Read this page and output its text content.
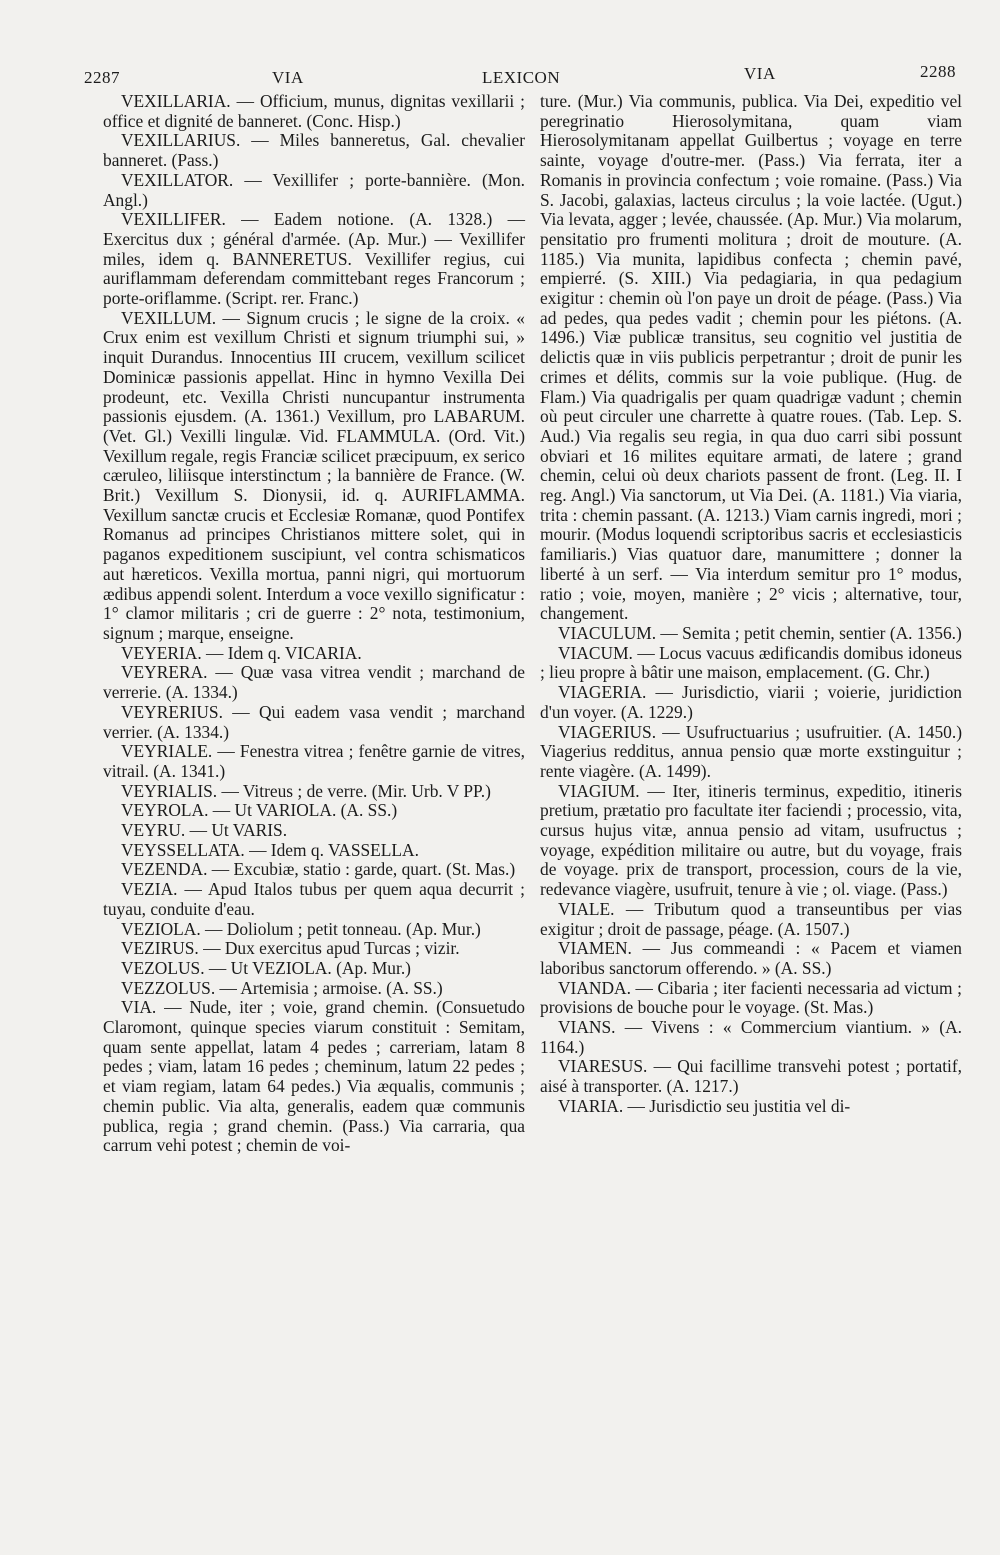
2287	VIA	LEXICON	VIA	2288

VEXILLARIA. — Officium, munus, dignitas vexillarii ; office et dignité de banneret. (Conc. Hisp.)

VEXILLARIUS. — Miles banneretus, Gal. chevalier banneret. (Pass.)

VEXILLATOR. — Vexillifer ; porte-bannière. (Mon. Angl.)

VEXILLIFER. — Eadem notione. (A. 1328.) — Exercitus dux ; général d'armée. (Ap. Mur.) — Vexillifer miles, idem q. BANNERETUS. Vexillifer regius, cui auriflammam deferendam committebant reges Francorum ; porte-oriflamme. (Script. rer. Franc.)

VEXILLUM. — Signum crucis ; le signe de la croix. « Crux enim est vexillum Christi et signum triumphi sui, » inquit Durandus. Innocentius III crucem, vexillum scilicet Dominicæ passionis appellat. Hinc in hymno Vexilla Dei prodeunt, etc. Vexilla Christi nuncupantur instrumenta passionis ejusdem. (A. 1361.) Vexillum, pro LABARUM. (Vet. Gl.) Vexilli lingulæ. Vid. FLAMMULA. (Ord. Vit.) Vexillum regale, regis Franciæ scilicet præcipuum, ex serico cæruleo, liliisque interstinctum ; la bannière de France. (W. Brit.) Vexillum S. Dionysii, id. q. AURIFLAMMA. Vexillum sanctæ crucis et Ecclesiæ Romanæ, quod Pontifex Romanus ad principes Christianos mittere solet, qui in paganos expeditionem suscipiunt, vel contra schismaticos aut hæreticos. Vexilla mortua, panni nigri, qui mortuorum ædibus appendi solent. Interdum a voce vexillo significatur : 1° clamor militaris ; cri de guerre : 2° nota, testimonium, signum ; marque, enseigne.

VEYERIA. — Idem q. VICARIA.

VEYRERA. — Quæ vasa vitrea vendit ; marchand de verrerie. (A. 1334.)

VEYRERIUS. — Qui eadem vasa vendit ; marchand verrier. (A. 1334.)

VEYRIALE. — Fenestra vitrea ; fenêtre garnie de vitres, vitrail. (A. 1341.)

VEYRIALIS. — Vitreus ; de verre. (Mir. Urb. V PP.)

VEYROLA. — Ut VARIOLA. (A. SS.)

VEYRU. — Ut VARIS.

VEYSSELLATA. — Idem q. VASSELLA.

VEZENDA. — Excubiæ, statio : garde, quart. (St. Mas.)

VEZIA. — Apud Italos tubus per quem aqua decurrit ; tuyau, conduite d'eau.

VEZIOLA. — Doliolum ; petit tonneau. (Ap. Mur.)

VEZIRUS. — Dux exercitus apud Turcas ; vizir.

VEZOLUS. — Ut VEZIOLA. (Ap. Mur.)

VEZZOLUS. — Artemisia ; armoise. (A. SS.)

VIA. — Nude, iter ; voie, grand chemin. (Consuetudo Claromont, quinque species viarum constituit : Semitam, quam sente appellat, latam 4 pedes ; carreriam, latam 8 pedes ; viam, latam 16 pedes ; cheminum, latum 22 pedes ; et viam regiam, latam 64 pedes.) Via æqualis, communis ; chemin public. Via alta, generalis, eadem quæ communis publica, regia ; grand chemin. (Pass.) Via carraria, qua carrum vehi potest ; chemin de voi-

ture. (Mur.) Via communis, publica. Via Dei, expeditio vel peregrinatio Hierosolymitana, quam viam Hierosolymitanam appellat Guilbertus ; voyage en terre sainte, voyage d'outre-mer. (Pass.) Via ferrata, iter a Romanis in provincia confectum ; voie romaine. (Pass.) Via S. Jacobi, galaxias, lacteus circulus ; la voie lactée. (Ugut.) Via levata, agger ; levée, chaussée. (Ap. Mur.) Via molarum, pensitatio pro frumenti molitura ; droit de mouture. (A. 1185.) Via munita, lapidibus confecta ; chemin pavé, empierré. (S. XIII.) Via pedagiaria, in qua pedagium exigitur : chemin où l'on paye un droit de péage. (Pass.) Via ad pedes, qua pedes vadit ; chemin pour les piétons. (A. 1496.) Viæ publicæ transitus, seu cognitio vel justitia de delictis quæ in viis publicis perpetrantur ; droit de punir les crimes et délits, commis sur la voie publique. (Hug. de Flam.) Via quadrigalis per quam quadrigæ vadunt ; chemin où peut circuler une charrette à quatre roues. (Tab. Lep. S. Aud.) Via regalis seu regia, in qua duo carri sibi possunt obviari et 16 milites equitare armati, de latere ; grand chemin, celui où deux chariots passent de front. (Leg. II. I reg. Angl.) Via sanctorum, ut Via Dei. (A. 1181.) Via viaria, trita : chemin passant. (A. 1213.) Viam carnis ingredi, mori ; mourir. (Modus loquendi scriptoribus sacris et ecclesiasticis familiaris.) Vias quatuor dare, manumittere ; donner la liberté à un serf. — Via interdum semitur pro 1° modus, ratio ; voie, moyen, manière ; 2° vicis ; alternative, tour, changement.

VIACULUM. — Semita ; petit chemin, sentier (A. 1356.)

VIACUM. — Locus vacuus ædificandis domibus idoneus ; lieu propre à bâtir une maison, emplacement. (G. Chr.)

VIAGERIA. — Jurisdictio, viarii ; voierie, juridiction d'un voyer. (A. 1229.)

VIAGERIUS. — Usufructuarius ; usufruitier. (A. 1450.) Viagerius redditus, annua pensio quæ morte exstinguitur ; rente viagère. (A. 1499).

VIAGIUM. — Iter, itineris terminus, expeditio, itineris pretium, prætatio pro facultate iter faciendi ; processio, vita, cursus hujus vitæ, annua pensio ad vitam, usufructus ; voyage, expédition militaire ou autre, but du voyage, frais de voyage. prix de transport, procession, cours de la vie, redevance viagère, usufruit, tenure à vie ; ol. viage. (Pass.)

VIALE. — Tributum quod a transeuntibus per vias exigitur ; droit de passage, péage. (A. 1507.)

VIAMEN. — Jus commeandi : « Pacem et viamen laboribus sanctorum offerendo. » (A. SS.)

VIANDA. — Cibaria ; iter facienti necessaria ad victum ; provisions de bouche pour le voyage. (St. Mas.)

VIANS. — Vivens : « Commercium viantium. » (A. 1164.)

VIARESUS. — Qui facillime transvehi potest ; portatif, aisé à transporter. (A. 1217.)

VIARIA. — Jurisdictio seu justitia vel di-
